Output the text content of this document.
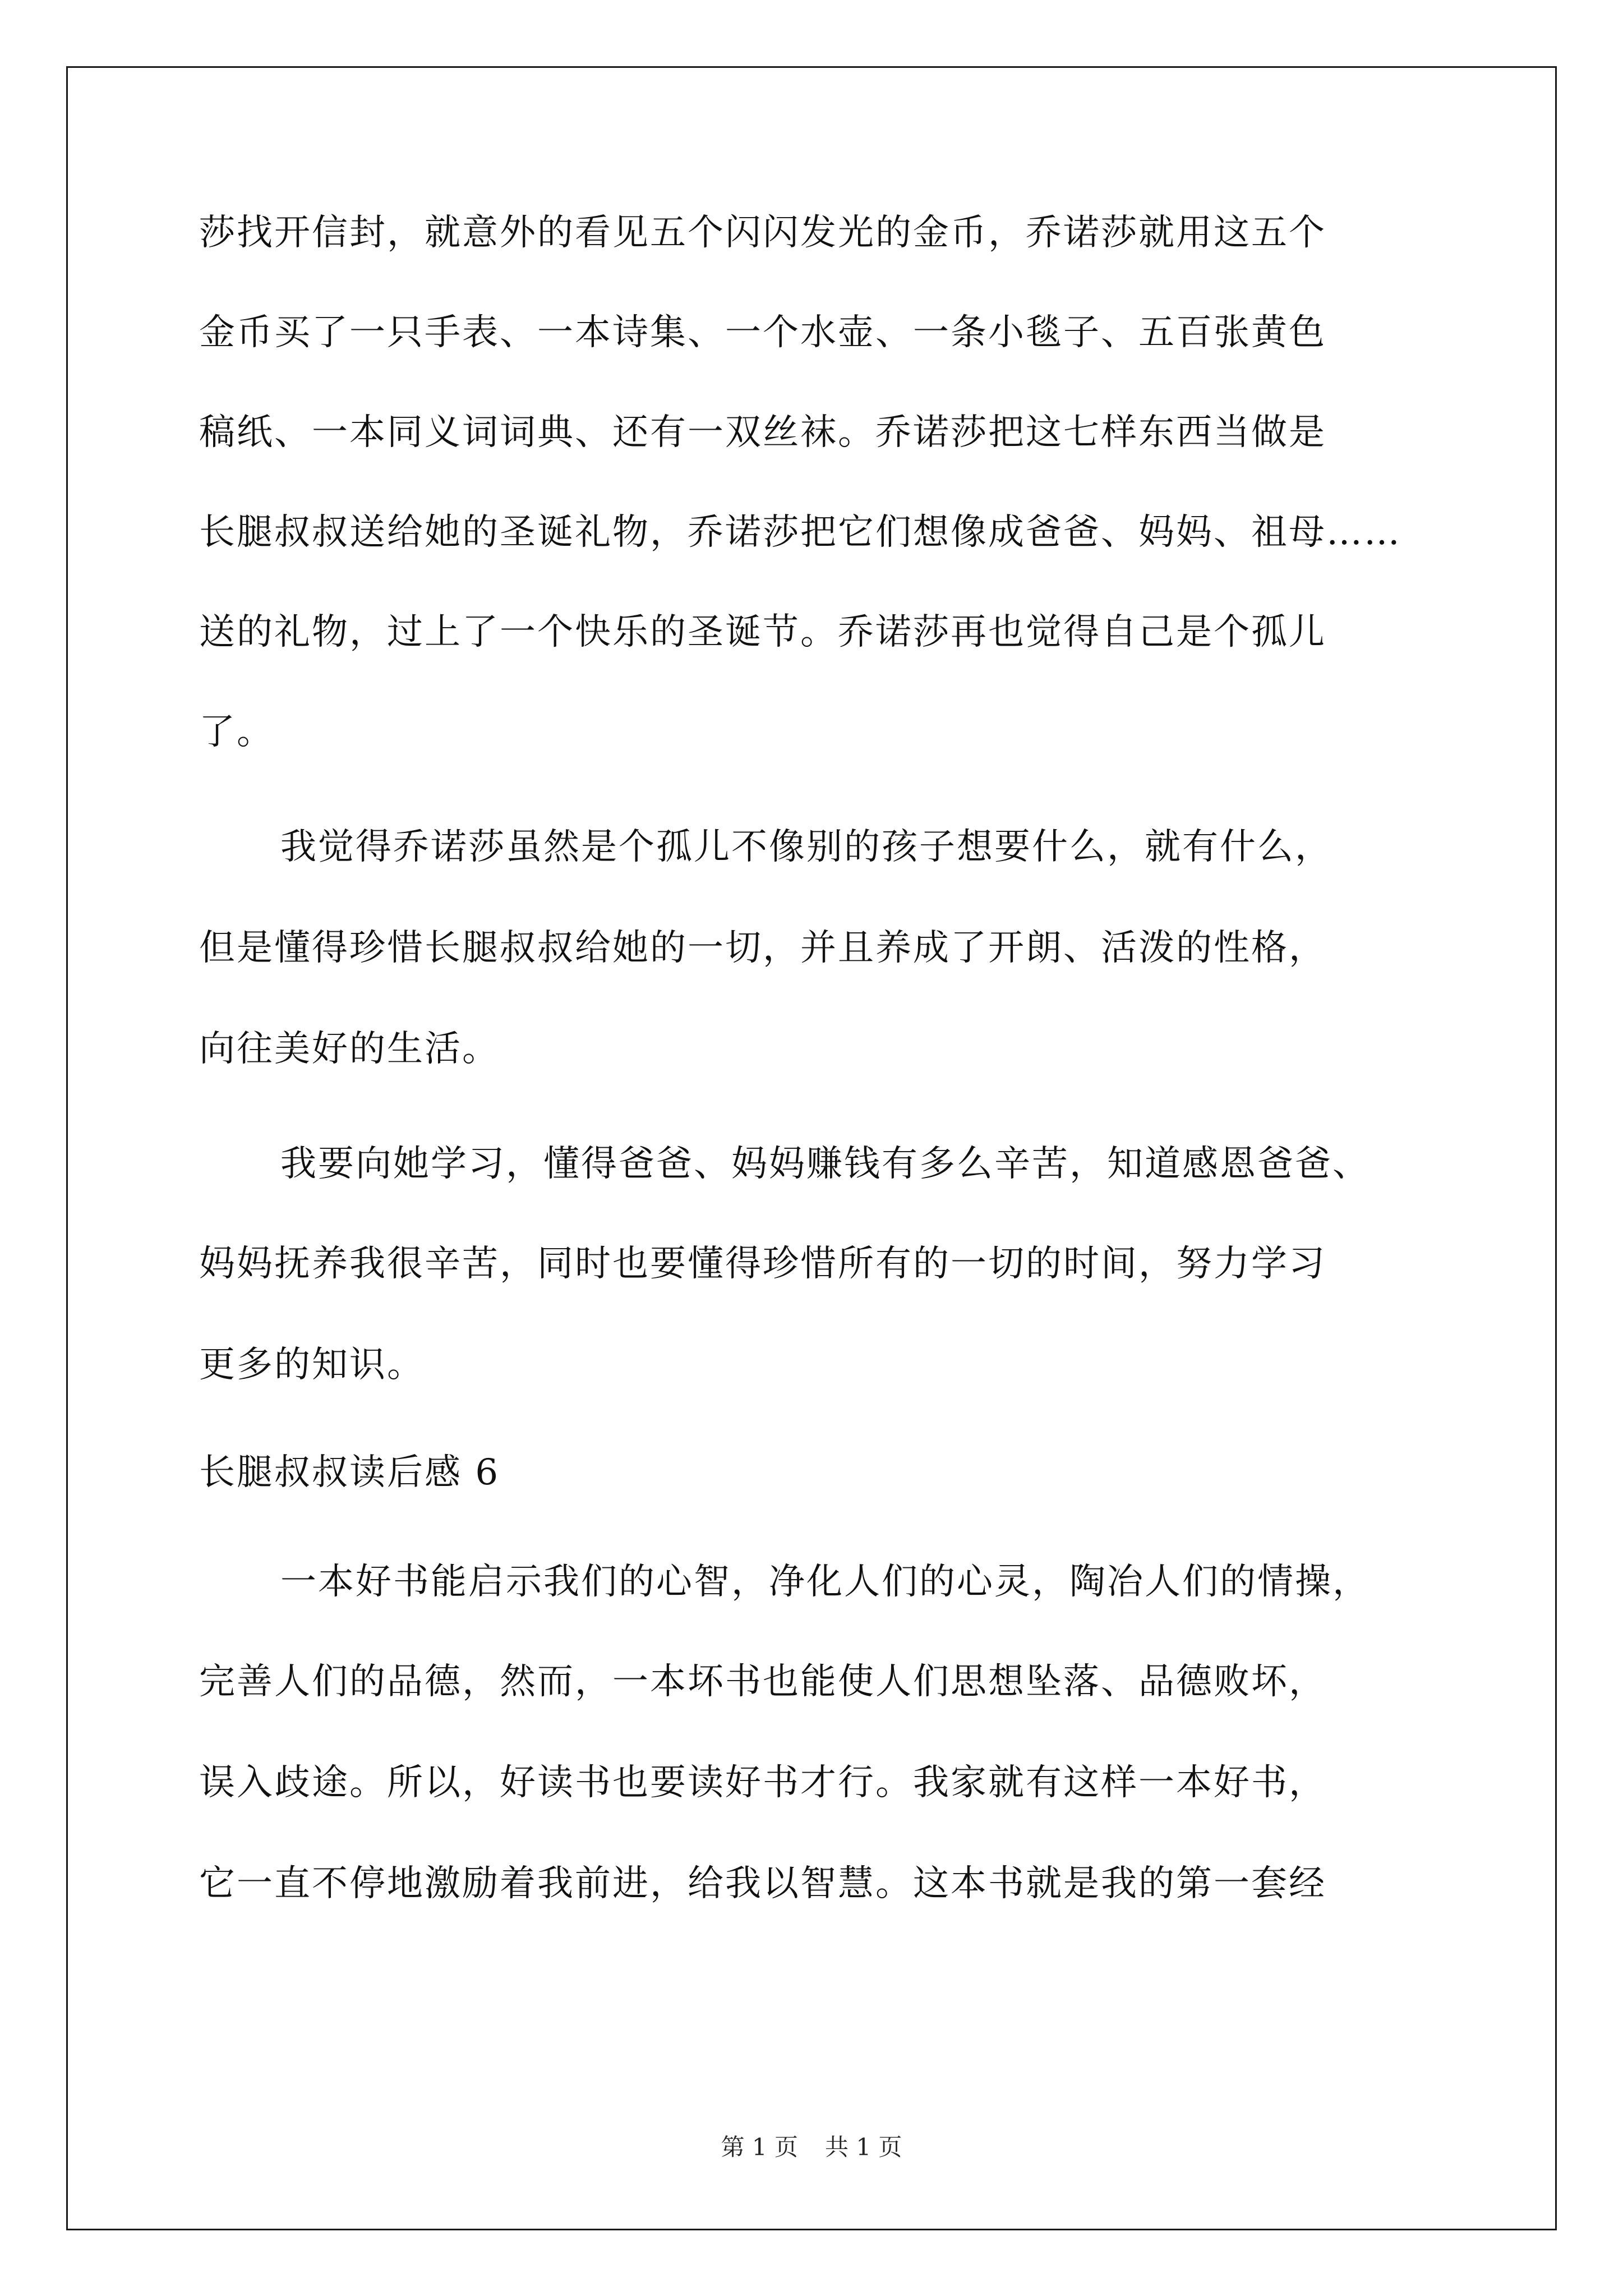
莎找开信封，就意外的看见五个闪闪发光的金币，乔诺莎就用这五个
金币买了一只手表、一本诗集、一个水壶、一条小毯子、五百张黄色
稿纸、一本同义词词典、还有一双丝袜。乔诺莎把这七样东西当做是
长腿叔叔送给她的圣诞礼物，乔诺莎把它们想像成爸爸、妈妈、祖母……
送的礼物，过上了一个快乐的圣诞节。乔诺莎再也觉得自己是个孤儿
了。
我觉得乔诺莎虽然是个孤儿不像别的孩子想要什么，就有什么，
但是懂得珍惜长腿叔叔给她的一切，并且养成了开朗、活泼的性格，
向往美好的生活。
我要向她学习，懂得爸爸、妈妈赚钱有多么辛苦，知道感恩爸爸、
妈妈抚养我很辛苦，同时也要懂得珍惜所有的一切的时间，努力学习
更多的知识。
长腿叔叔读后感 6
一本好书能启示我们的心智，净化人们的心灵，陶冶人们的情操，
完善人们的品德，然而，一本坏书也能使人们思想坠落、品德败坏，
误入歧途。所以，好读书也要读好书才行。我家就有这样一本好书，
它一直不停地激励着我前进，给我以智慧。这本书就是我的第一套经
第 1 页 共 1 页
